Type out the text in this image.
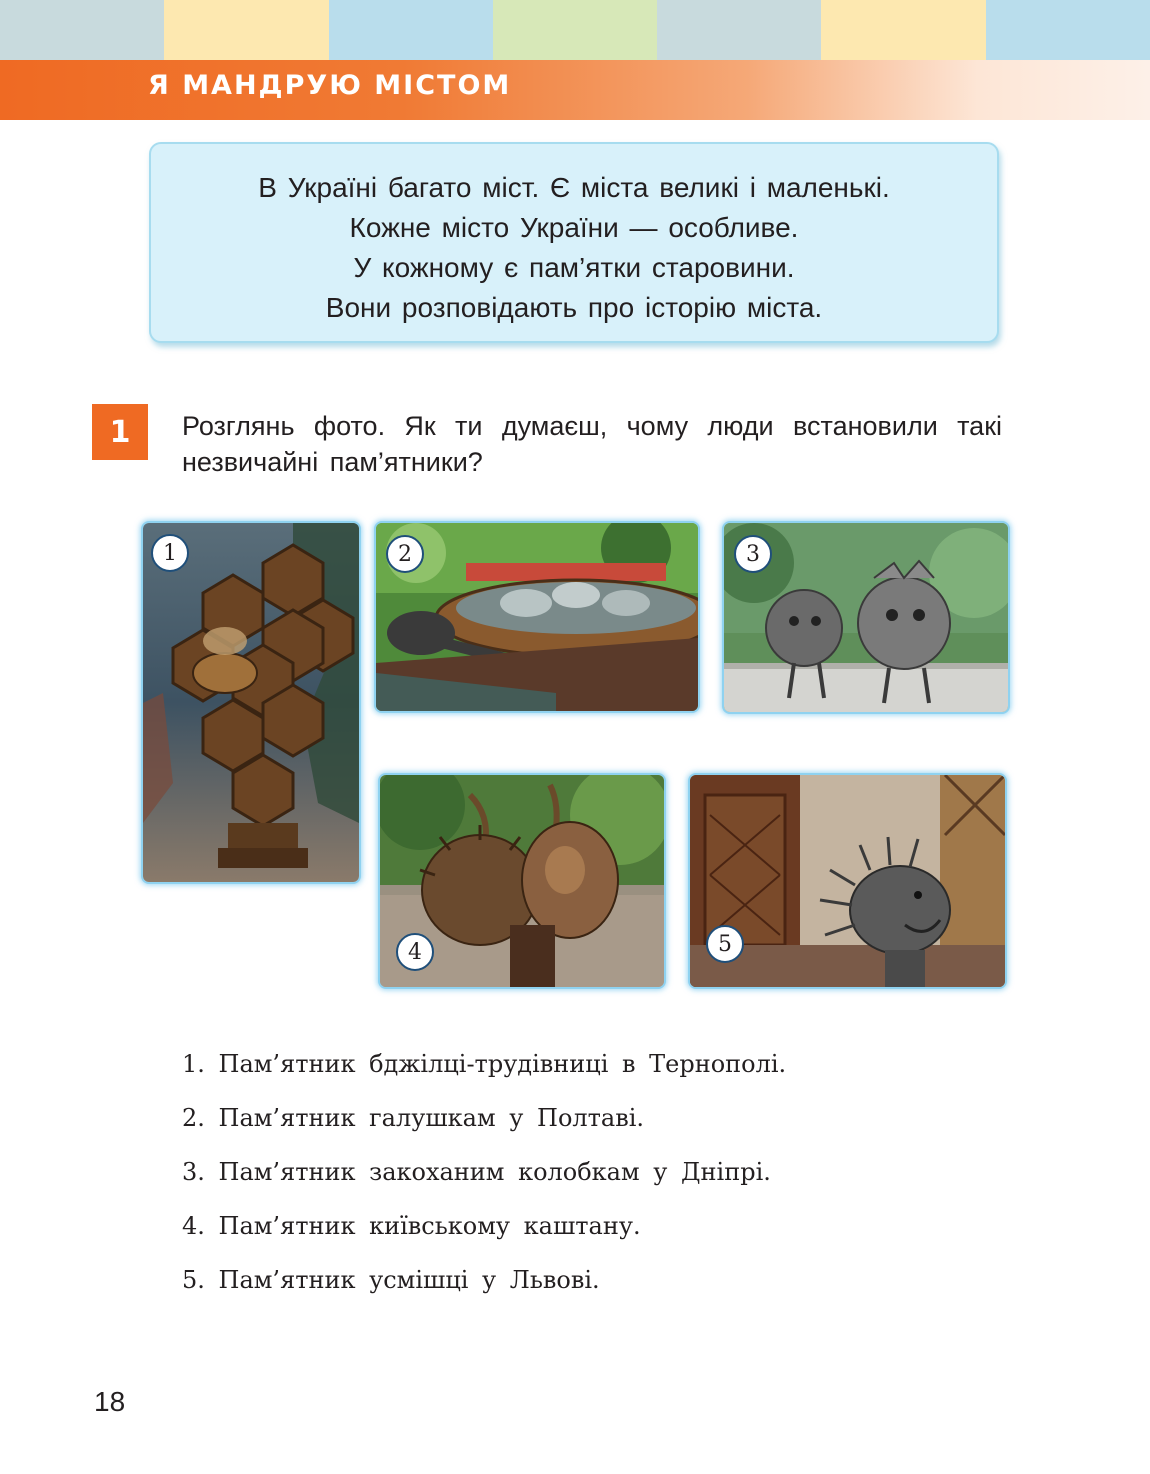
Я МАНДРУЮ МІСТОМ
В Україні багато міст. Є міста великі і маленькі.
Кожне місто України — особливе.
У кожному є пам’ятки старовини.
Вони розповідають про історію міста.
1	Розглянь фото. Як ти думаєш, чому люди встановили такі незвичайні пам’ятники?
1	2	3
4	5
1. Пам’ятник бджілці-трудівниці в Тернополі.
2. Пам’ятник галушкам у Полтаві.
3. Пам’ятник закоханим колобкам у Дніпрі.
4. Пам’ятник київському каштану.
5. Пам’ятник усмішці у Львові.
18
